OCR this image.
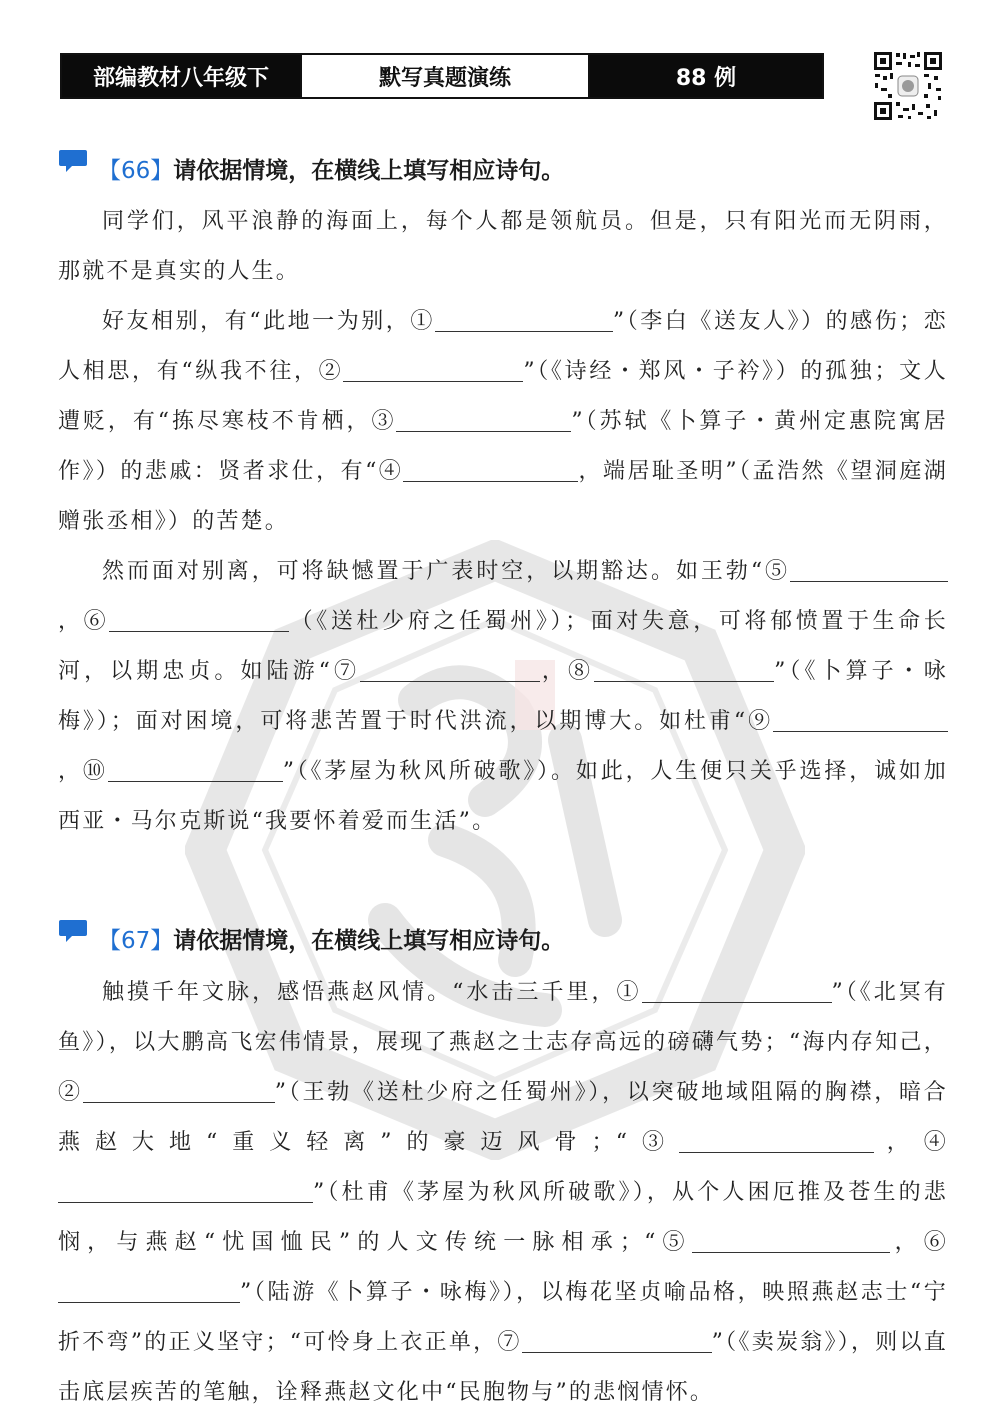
部编教材八年级下	默写真题演练	88 例
【66】 请依据情境，在横线上填写相应诗句。

同学们，风平浪静的海面上，每个人都是领航员。但是，只有阳光而无阴雨，那就不是真实的人生。

好友相别，有“此地一为别，①	”（李白《送友人》）的感伤；恋人相思，有“纵我不往，②	”（《诗经・郑风・子衿》）的孤独；文人遭贬，有“拣尽寒枝不肯栖，③	”（苏轼《卜算子・黄州定惠院寓居作》）的悲戚：贤者求仕，有“④	，端居耻圣明”（孟浩然《望洞庭湖赠张丞相》）的苦楚。

然而面对别离，可将缺憾置于广表时空，以期豁达。如王勃“⑤，⑥	（《送杜少府之任蜀州》）；面对失意，可将郁愤置于生命长河，以期忠贞。如陆游“⑦	，⑧	”（《卜算子・咏梅》）；面对困境，可将悲苦置于时代洪流，以期博大。如杜甫“⑨，⑩	”（《茅屋为秋风所破歌》）。如此，人生便只关乎选择，诚如加西亚・马尔克斯说“我要怀着爱而生活”。

【67】 请依据情境，在横线上填写相应诗句。

触摸千年文脉，感悟燕赵风情。“水击三千里，①	”（《北冥有鱼》），以大鹏高飞宏伟情景，展现了燕赵之士志存高远的磅礴气势；“海内存知己，②	”（王勃《送杜少府之任蜀州》），以突破地域阻隔的胸襟，暗合燕赵大地“重义轻离”的豪迈风骨；“③	，④”（杜甫《茅屋为秋风所破歌》），从个人困厄推及苍生的悲悯，与燕赵“忧国恤民”的人文传统一脉相承；“⑤	，⑥”（陆游《卜算子・咏梅》），以梅花坚贞喻品格，映照燕赵志士“宁折不弯”的正义坚守；“可怜身上衣正单，⑦	”（《卖炭翁》），则以直击底层疾苦的笔触，诠释燕赵文化中“民胞物与”的悲悯情怀。
